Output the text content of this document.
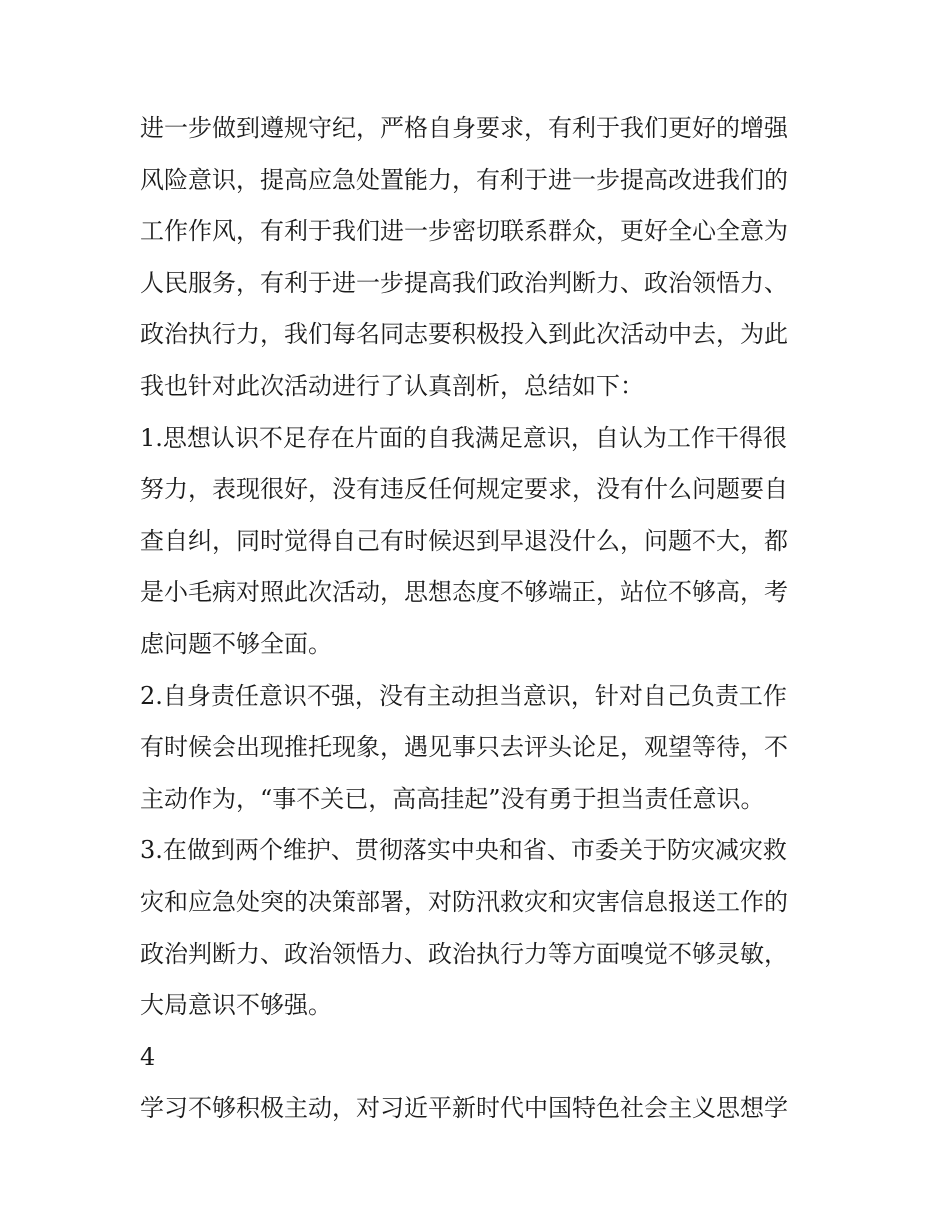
进一步做到遵规守纪，严格自身要求，有利于我们更好的增强
风险意识，提高应急处置能力，有利于进一步提高改进我们的
工作作风，有利于我们进一步密切联系群众，更好全心全意为
人民服务，有利于进一步提高我们政治判断力、政治领悟力、
政治执行力，我们每名同志要积极投入到此次活动中去，为此
我也针对此次活动进行了认真剖析，总结如下：
1.思想认识不足存在片面的自我满足意识，自认为工作干得很
努力，表现很好，没有违反任何规定要求，没有什么问题要自
查自纠，同时觉得自己有时候迟到早退没什么，问题不大，都
是小毛病对照此次活动，思想态度不够端正，站位不够高，考
虑问题不够全面。
2.自身责任意识不强，没有主动担当意识，针对自己负责工作
有时候会出现推托现象，遇见事只去评头论足，观望等待，不
主动作为，“事不关已，高高挂起”没有勇于担当责任意识。
3.在做到两个维护、贯彻落实中央和省、市委关于防灾减灾救
灾和应急处突的决策部署，对防汛救灾和灾害信息报送工作的
政治判断力、政治领悟力、政治执行力等方面嗅觉不够灵敏，
大局意识不够强。
4
学习不够积极主动，对习近平新时代中国特色社会主义思想学
